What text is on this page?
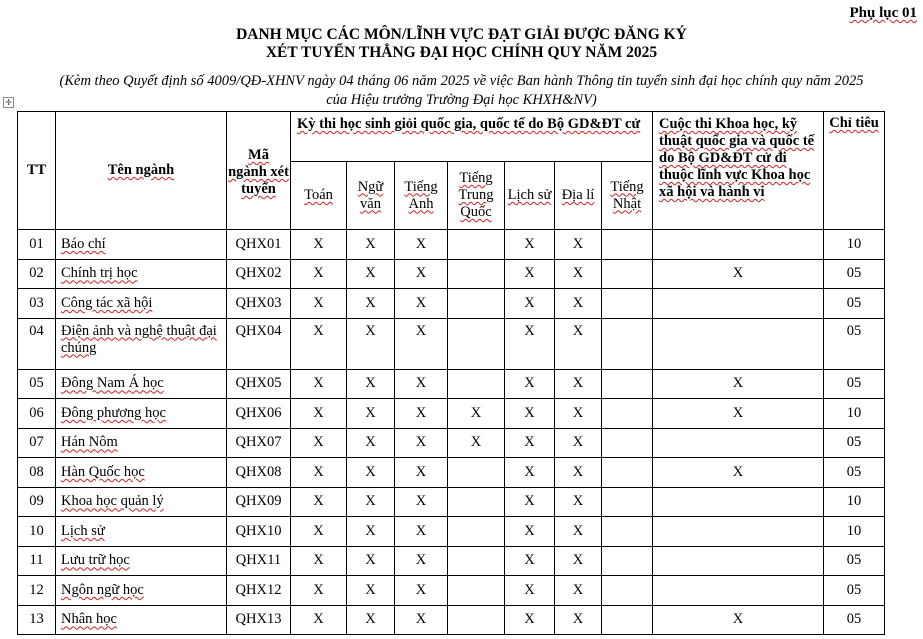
Phụ lục 01
DANH MỤC CÁC MÔN/LĨNH VỰC ĐẠT GIẢI ĐƯỢC ĐĂNG KÝ
XÉT TUYỂN THẲNG ĐẠI HỌC CHÍNH QUY NĂM 2025
(Kèm theo Quyết định số 4009/QĐ-XHNV ngày 04 tháng 06 năm 2025 về việc Ban hành Thông tin tuyển sinh đại học chính quy năm 2025
của Hiệu trưởng Trường Đại học KHXH&NV)
✛
TT	Tên ngành	Mã ngành xét tuyển	Kỳ thi học sinh giỏi quốc gia, quốc tế do Bộ GD&ĐT cử							Cuộc thi Khoa học, kỹ thuật quốc gia và quốc tế do Bộ GD&ĐT cử đi thuộc lĩnh vực Khoa học xã hội và hành vi	Chỉ tiêu
			Toán	Ngữ văn	Tiếng Anh	Tiếng Trung Quốc	Lịch sử	Địa lí	Tiếng Nhật		
01	Báo chí	QHX01	X	X	X		X	X			10
02	Chính trị học	QHX02	X	X	X		X	X		X	05
03	Công tác xã hội	QHX03	X	X	X		X	X			05
04	Điện ảnh và nghệ thuật đại chúng	QHX04	X	X	X		X	X			05
05	Đông Nam Á học	QHX05	X	X	X		X	X		X	05
06	Đông phương học	QHX06	X	X	X	X	X	X		X	10
07	Hán Nôm	QHX07	X	X	X	X	X	X			05
08	Hàn Quốc học	QHX08	X	X	X		X	X		X	05
09	Khoa học quản lý	QHX09	X	X	X		X	X			10
10	Lịch sử	QHX10	X	X	X		X	X			10
11	Lưu trữ học	QHX11	X	X	X		X	X			05
12	Ngôn ngữ học	QHX12	X	X	X		X	X			05
13	Nhân học	QHX13	X	X	X		X	X		X	05
